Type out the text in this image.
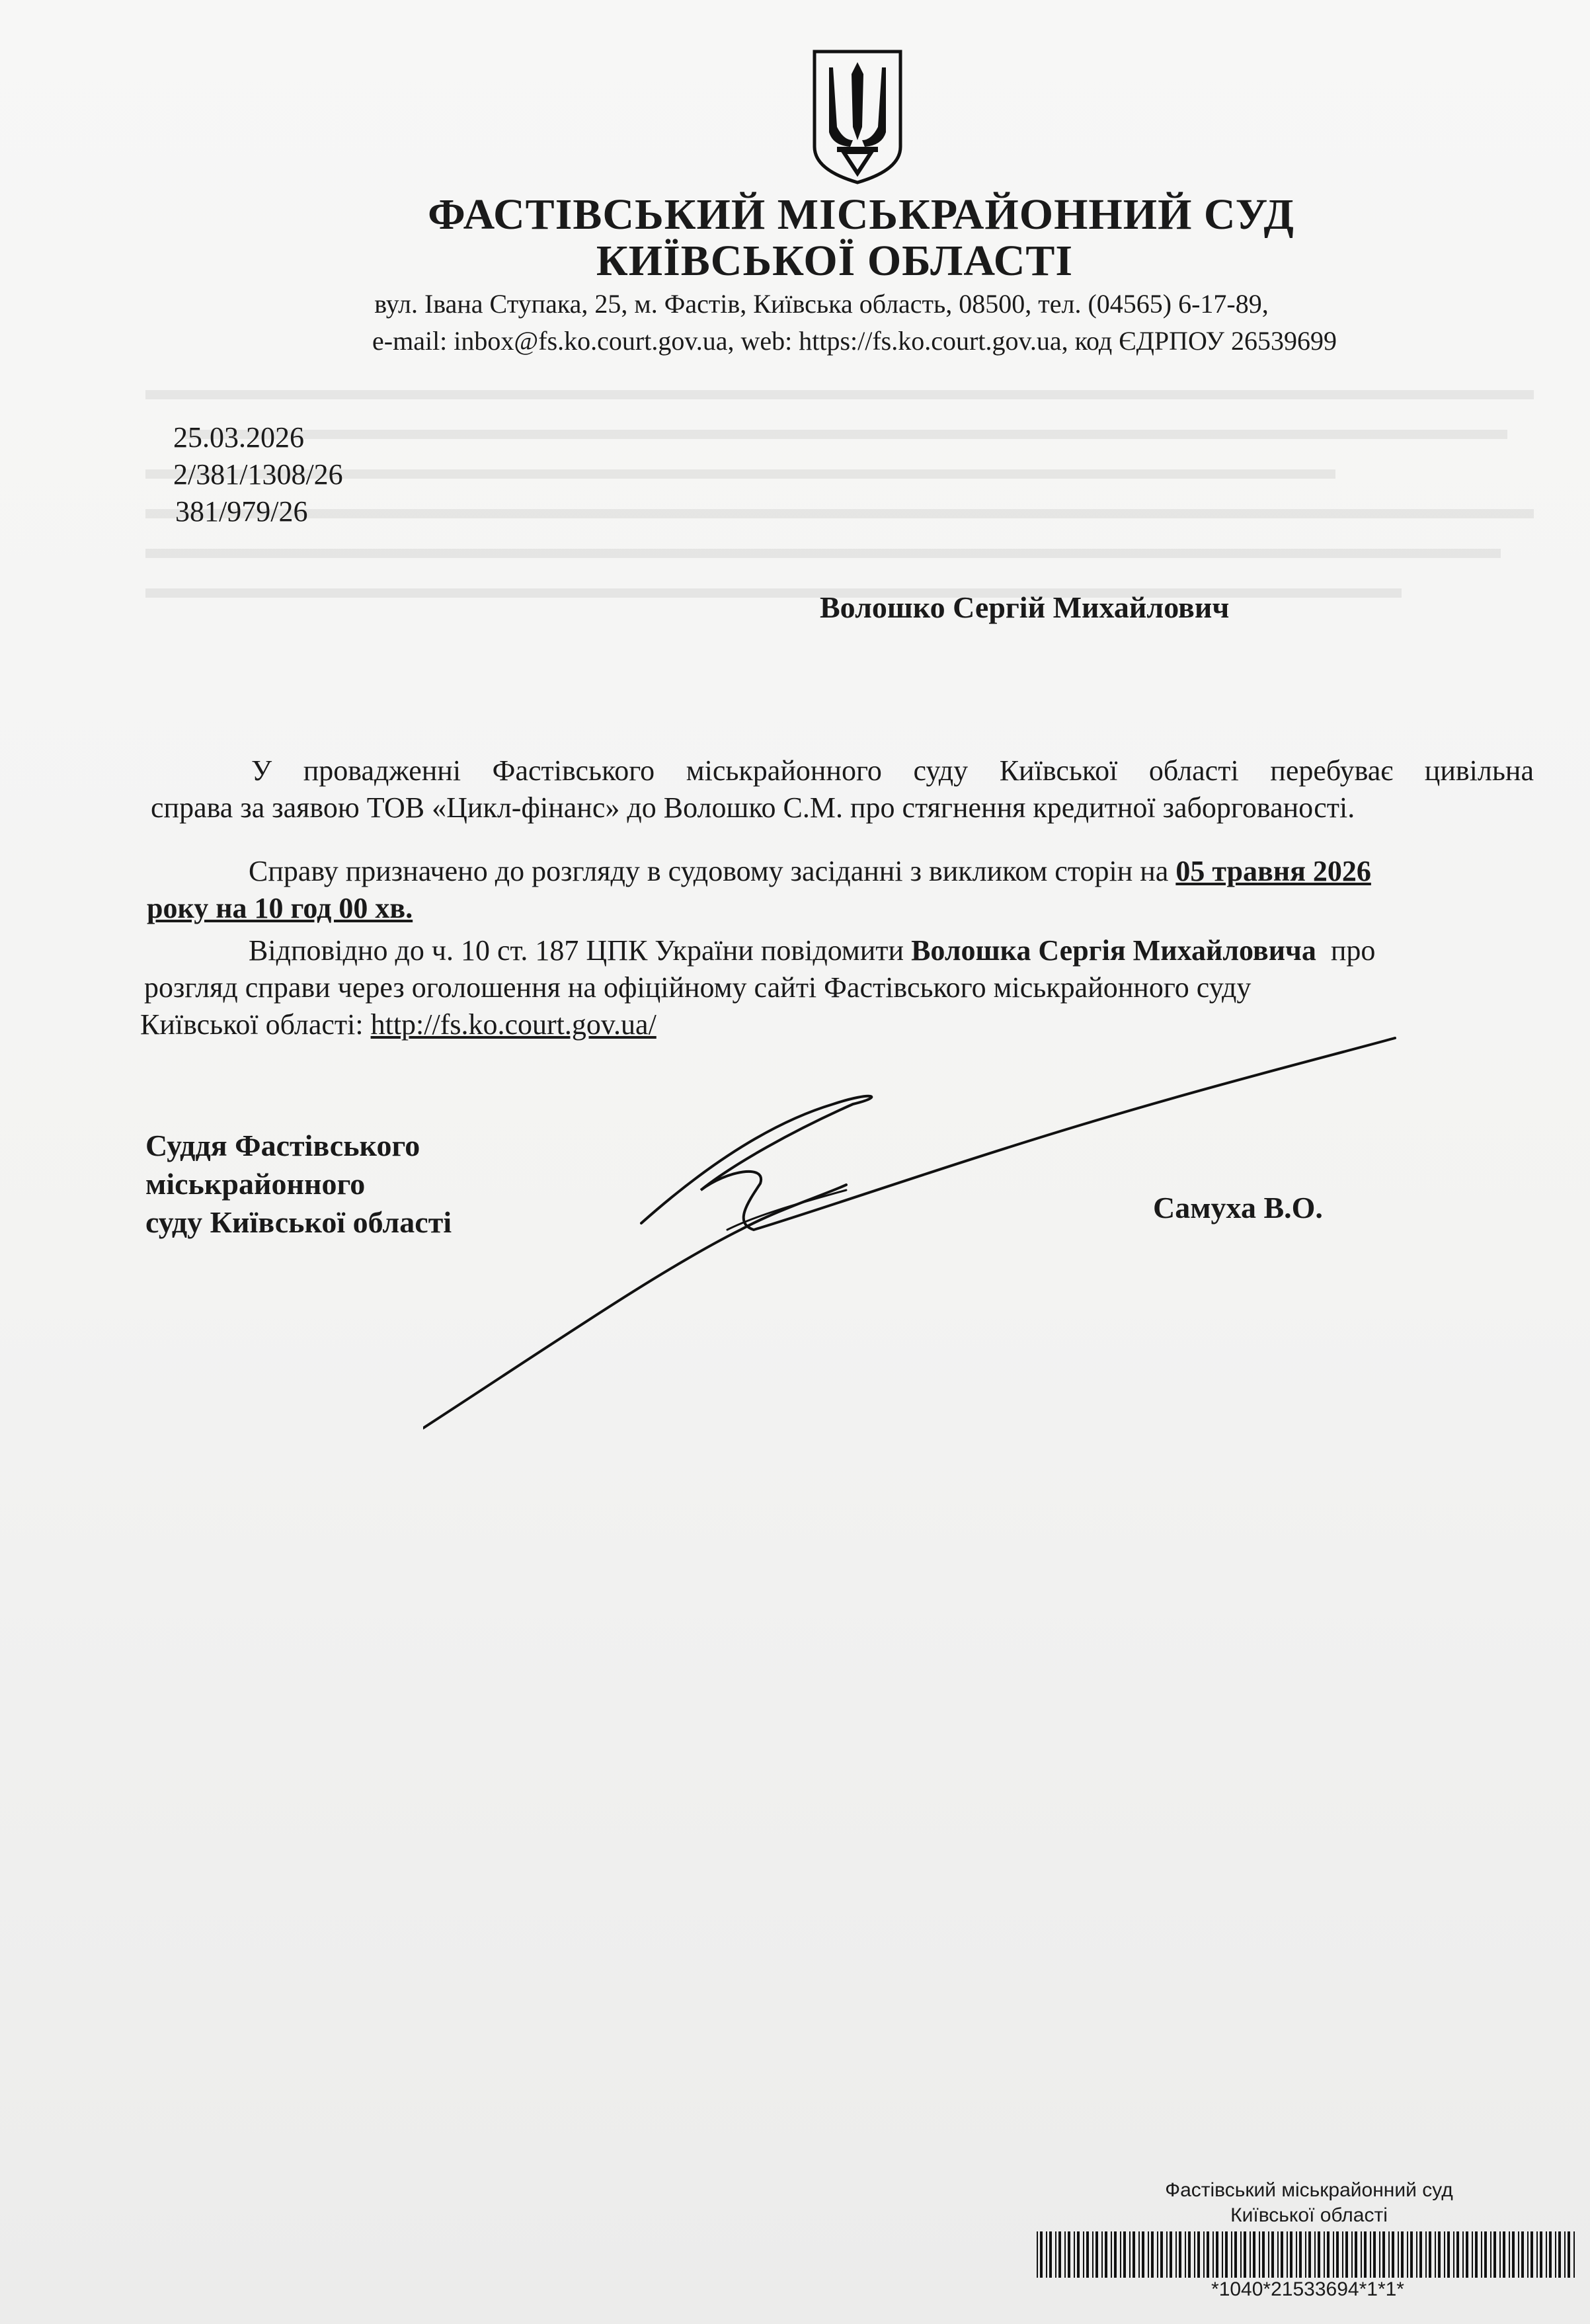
ФАСТІВСЬКИЙ МІСЬКРАЙОННИЙ СУД
КИЇВСЬКОЇ ОБЛАСТІ
вул. Івана Ступака, 25, м. Фастів, Київська область, 08500, тел. (04565) 6-17-89,
e-mail: inbox@fs.ko.court.gov.ua, web: https://fs.ko.court.gov.ua, код ЄДРПОУ 26539699
25.03.2026
2/381/1308/26
381/979/26
Волошко Сергій Михайлович
У провадженні Фастівського міськрайонного суду Київської області перебуває цивільна
справа за заявою ТОВ «Цикл-фінанс» до Волошко С.М. про стягнення кредитної заборгованості.
Справу призначено до розгляду в судовому засіданні з викликом сторін на 05 травня 2026
року на 10 год 00 хв.
Відповідно до ч. 10 ст. 187 ЦПК України повідомити Волошка Сергія Михайловича  про
розгляд справи через оголошення на офіційному сайті Фастівського міськрайонного суду
Київської області: http://fs.ko.court.gov.ua/
Суддя Фастівського
міськрайонного
суду Київської області	Самуха В.О.
Фастівський міськрайонний суд
Київської області
*1040*21533694*1*1*
